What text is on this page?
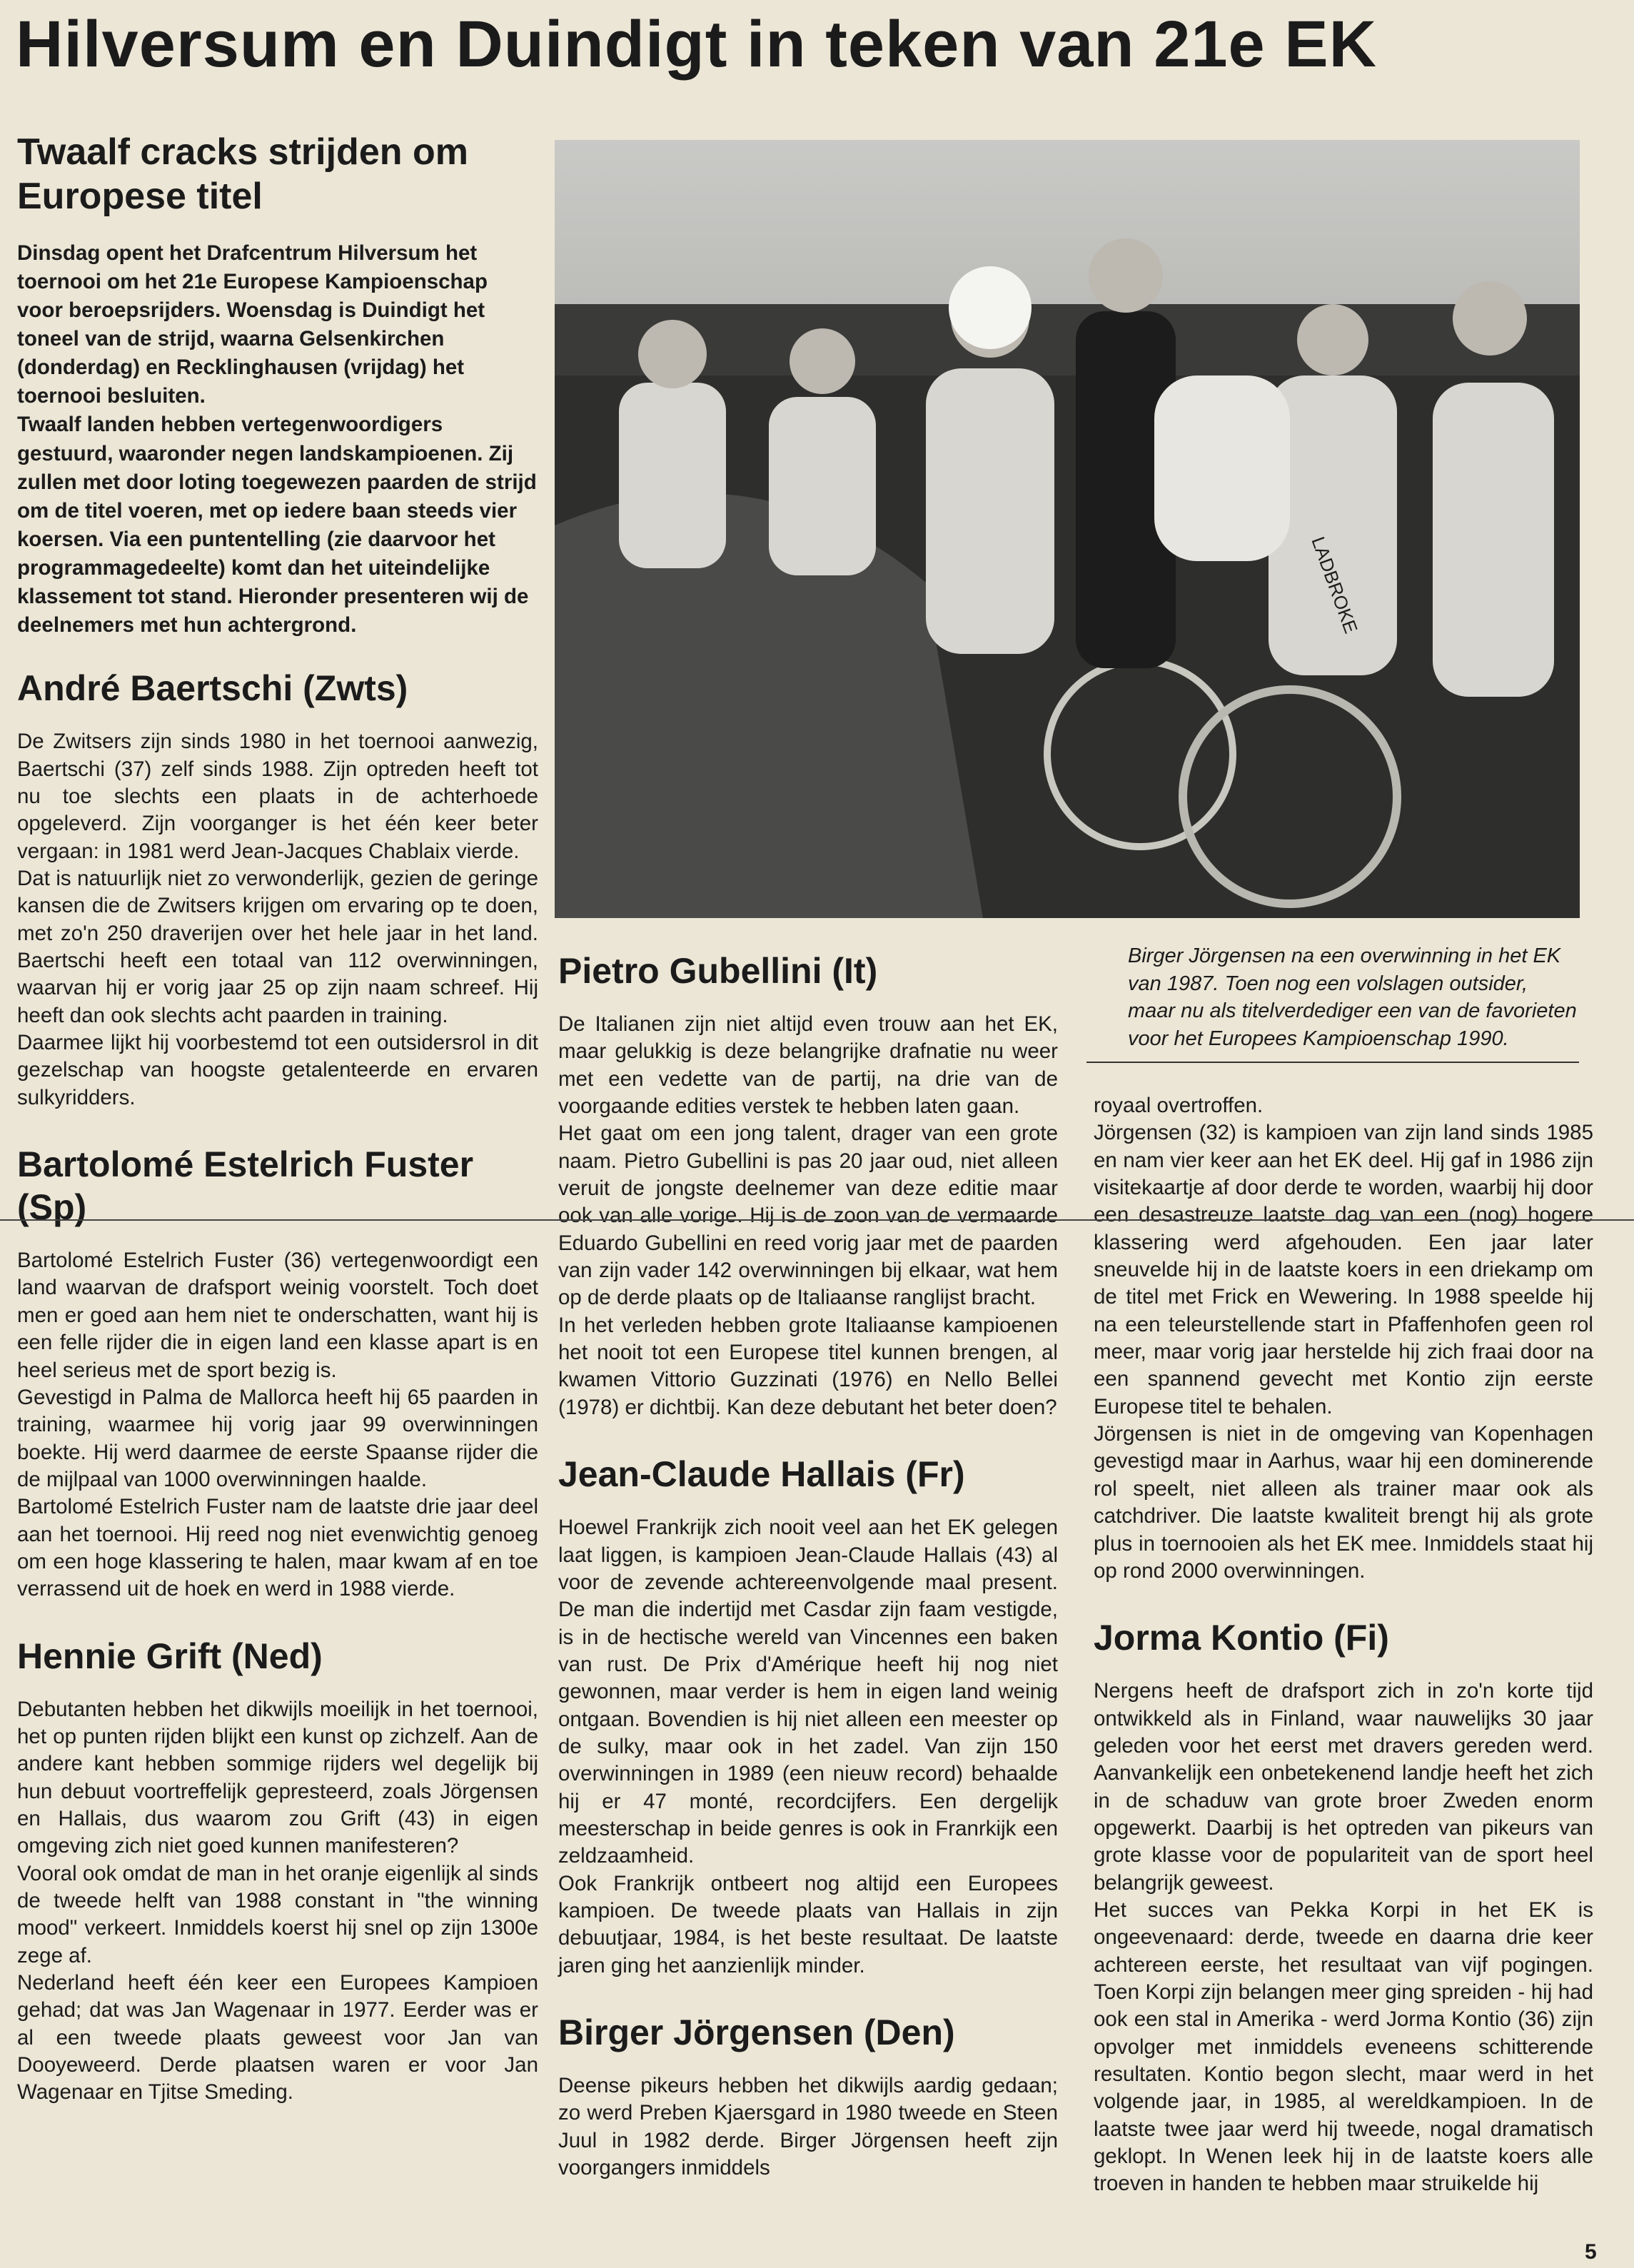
Hilversum en Duindigt in teken van 21e EK
Twaalf cracks strijden om Europese titel

Dinsdag opent het Drafcentrum Hilversum het toernooi om het 21e Europese Kampioenschap voor beroepsrijders. Woensdag is Duindigt het toneel van de strijd, waarna Gelsenkirchen (donderdag) en Recklinghausen (vrijdag) het toernooi besluiten.

Twaalf landen hebben vertegenwoordigers gestuurd, waaronder negen landskampioenen. Zij zullen met door loting toegewezen paarden de strijd om de titel voeren, met op iedere baan steeds vier koersen. Via een puntentelling (zie daarvoor het programmagedeelte) komt dan het uiteindelijke klassement tot stand. Hieronder presenteren wij de deelnemers met hun achtergrond.

André Baertschi (Zwts)

De Zwitsers zijn sinds 1980 in het toernooi aanwezig, Baertschi (37) zelf sinds 1988. Zijn optreden heeft tot nu toe slechts een plaats in de achterhoede opgeleverd. Zijn voorganger is het één keer beter vergaan: in 1981 werd Jean-Jacques Chablaix vierde.

Dat is natuurlijk niet zo verwonderlijk, gezien de geringe kansen die de Zwitsers krijgen om ervaring op te doen, met zo'n 250 draverijen over het hele jaar in het land. Baertschi heeft een totaal van 112 overwinningen, waarvan hij er vorig jaar 25 op zijn naam schreef. Hij heeft dan ook slechts acht paarden in training.

Daarmee lijkt hij voorbestemd tot een outsidersrol in dit gezelschap van hoogste getalenteerde en ervaren sulkyridders.

Bartolomé Estelrich Fuster (Sp)

Bartolomé Estelrich Fuster (36) vertegenwoordigt een land waarvan de drafsport weinig voorstelt. Toch doet men er goed aan hem niet te onderschatten, want hij is een felle rijder die in eigen land een klasse apart is en heel serieus met de sport bezig is.

Gevestigd in Palma de Mallorca heeft hij 65 paarden in training, waarmee hij vorig jaar 99 overwinningen boekte. Hij werd daarmee de eerste Spaanse rijder die de mijlpaal van 1000 overwinningen haalde.

Bartolomé Estelrich Fuster nam de laatste drie jaar deel aan het toernooi. Hij reed nog niet evenwichtig genoeg om een hoge klassering te halen, maar kwam af en toe verrassend uit de hoek en werd in 1988 vierde.

Hennie Grift (Ned)

Debutanten hebben het dikwijls moeilijk in het toernooi, het op punten rijden blijkt een kunst op zichzelf. Aan de andere kant hebben sommige rijders wel degelijk bij hun debuut voortreffelijk gepresteerd, zoals Jörgensen en Hallais, dus waarom zou Grift (43) in eigen omgeving zich niet goed kunnen manifesteren?

Vooral ook omdat de man in het oranje eigenlijk al sinds de tweede helft van 1988 constant in "the winning mood" verkeert. Inmiddels koerst hij snel op zijn 1300e zege af.

Nederland heeft één keer een Europees Kampioen gehad; dat was Jan Wagenaar in 1977. Eerder was er al een tweede plaats geweest voor Jan van Dooyeweerd. Derde plaatsen waren er voor Jan Wagenaar en Tjitse Smeding.

LADBROKE

Birger Jörgensen na een overwinning in het EK van 1987. Toen nog een volslagen outsider, maar nu als titelverdediger een van de favorieten voor het Europees Kampioenschap 1990.

Pietro Gubellini (It)

De Italianen zijn niet altijd even trouw aan het EK, maar gelukkig is deze belangrijke drafnatie nu weer met een vedette van de partij, na drie van de voorgaande edities verstek te hebben laten gaan.

Het gaat om een jong talent, drager van een grote naam. Pietro Gubellini is pas 20 jaar oud, niet alleen veruit de jongste deelnemer van deze editie maar ook van alle vorige. Hij is de zoon van de vermaarde Eduardo Gubellini en reed vorig jaar met de paarden van zijn vader 142 overwinningen bij elkaar, wat hem op de derde plaats op de Italiaanse ranglijst bracht.

In het verleden hebben grote Italiaanse kampioenen het nooit tot een Europese titel kunnen brengen, al kwamen Vittorio Guzzinati (1976) en Nello Bellei (1978) er dichtbij. Kan deze debutant het beter doen?

Jean-Claude Hallais (Fr)

Hoewel Frankrijk zich nooit veel aan het EK gelegen laat liggen, is kampioen Jean-Claude Hallais (43) al voor de zevende achtereenvolgende maal present. De man die indertijd met Casdar zijn faam vestigde, is in de hectische wereld van Vincennes een baken van rust. De Prix d'Amérique heeft hij nog niet gewonnen, maar verder is hem in eigen land weinig ontgaan. Bovendien is hij niet alleen een meester op de sulky, maar ook in het zadel. Van zijn 150 overwinningen in 1989 (een nieuw record) behaalde hij er 47 monté, recordcijfers. Een dergelijk meesterschap in beide genres is ook in Franrkijk een zeldzaamheid.

Ook Frankrijk ontbeert nog altijd een Europees kampioen. De tweede plaats van Hallais in zijn debuutjaar, 1984, is het beste resultaat. De laatste jaren ging het aanzienlijk minder.

Birger Jörgensen (Den)

Deense pikeurs hebben het dikwijls aardig gedaan; zo werd Preben Kjaersgard in 1980 tweede en Steen Juul in 1982 derde. Birger Jörgensen heeft zijn voorgangers inmiddels

royaal overtroffen.

Jörgensen (32) is kampioen van zijn land sinds 1985 en nam vier keer aan het EK deel. Hij gaf in 1986 zijn visitekaartje af door derde te worden, waarbij hij door een desastreuze laatste dag van een (nog) hogere klassering werd afgehouden. Een jaar later sneuvelde hij in de laatste koers in een driekamp om de titel met Frick en Wewering. In 1988 speelde hij na een teleurstellende start in Pfaffenhofen geen rol meer, maar vorig jaar herstelde hij zich fraai door na een spannend gevecht met Kontio zijn eerste Europese titel te behalen.

Jörgensen is niet in de omgeving van Kopenhagen gevestigd maar in Aarhus, waar hij een dominerende rol speelt, niet alleen als trainer maar ook als catchdriver. Die laatste kwaliteit brengt hij als grote plus in toernooien als het EK mee. Inmiddels staat hij op rond 2000 overwinningen.

Jorma Kontio (Fi)

Nergens heeft de drafsport zich in zo'n korte tijd ontwikkeld als in Finland, waar nauwelijks 30 jaar geleden voor het eerst met dravers gereden werd. Aanvankelijk een onbetekenend landje heeft het zich in de schaduw van grote broer Zweden enorm opgewerkt. Daarbij is het optreden van pikeurs van grote klasse voor de populariteit van de sport heel belangrijk geweest.

Het succes van Pekka Korpi in het EK is ongeevenaard: derde, tweede en daarna drie keer achtereen eerste, het resultaat van vijf pogingen. Toen Korpi zijn belangen meer ging spreiden - hij had ook een stal in Amerika - werd Jorma Kontio (36) zijn opvolger met inmiddels eveneens schitterende resultaten. Kontio begon slecht, maar werd in het volgende jaar, in 1985, al wereldkampioen. In de laatste twee jaar werd hij tweede, nogal dramatisch geklopt. In Wenen leek hij in de laatste koers alle troeven in handen te hebben maar struikelde hij

5
